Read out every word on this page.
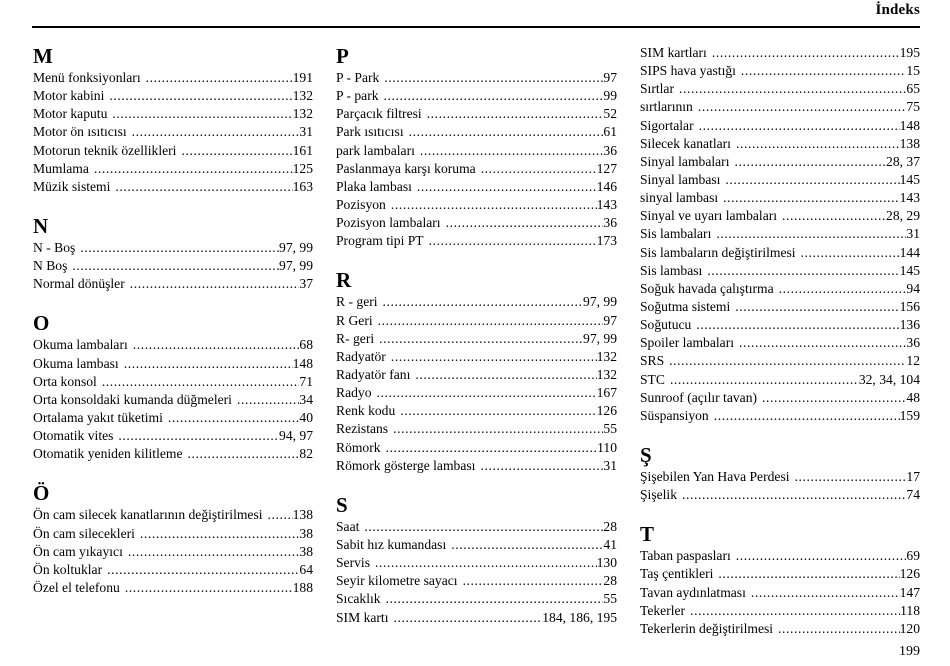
İndeks
M
Menü fonksiyonları .....	191
Motor kabini .....	132
Motor kaputu .....	132
Motor ön ısıtıcısı .....	31
Motorun teknik özellikleri .....	161
Mumlama .....	125
Müzik sistemi .....	163
N
N - Boş .....	97, 99
N Boş .....	97, 99
Normal dönüşler .....	37
O
Okuma lambaları .....	68
Okuma lambası .....	148
Orta konsol .....	71
Orta konsoldaki kumanda düğmeleri .....	34
Ortalama yakıt tüketimi .....	40
Otomatik vites .....	94, 97
Otomatik yeniden kilitleme .....	82
Ö
Ön cam silecek kanatlarının değiştirilmesi .....	138
Ön cam silecekleri .....	38
Ön cam yıkayıcı .....	38
Ön koltuklar .....	64
Özel el telefonu .....	188
P
P - Park .....	97
P - park .....	99
Parçacık filtresi .....	52
Park ısıtıcısı .....	61
park lambaları .....	36
Paslanmaya karşı koruma .....	127
Plaka lambası .....	146
Pozisyon .....	143
Pozisyon lambaları .....	36
Program tipi PT .....	173
R
R - geri .....	97, 99
R Geri .....	97
R- geri .....	97, 99
Radyatör .....	132
Radyatör fanı .....	132
Radyo .....	167
Renk kodu .....	126
Rezistans .....	55
Römork .....	110
Römork gösterge lambası .....	31
S
Saat .....	28
Sabit hız kumandası .....	41
Servis .....	130
Seyir kilometre sayacı .....	28
Sıcaklık .....	55
SIM kartı .....	184, 186, 195
SIM kartları .....	195
SIPS hava yastığı .....	15
Sırtlar .....	65
sırtlarının .....	75
Sigortalar .....	148
Silecek kanatları .....	138
Sinyal lambaları .....	28, 37
Sinyal lambası .....	145
sinyal lambası .....	143
Sinyal ve uyarı lambaları .....	28, 29
Sis lambaları .....	31
Sis lambaların değiştirilmesi .....	144
Sis lambası .....	145
Soğuk havada çalıştırma .....	94
Soğutma sistemi .....	156
Soğutucu .....	136
Spoiler lambaları .....	36
SRS .....	12
STC .....	32, 34, 104
Sunroof (açılır tavan) .....	48
Süspansiyon .....	159
Ş
Şişebilen Yan Hava Perdesi .....	17
Şişelik .....	74
T
Taban paspasları .....	69
Taş çentikleri .....	126
Tavan aydınlatması .....	147
Tekerler .....	118
Tekerlerin değiştirilmesi .....	120
199
